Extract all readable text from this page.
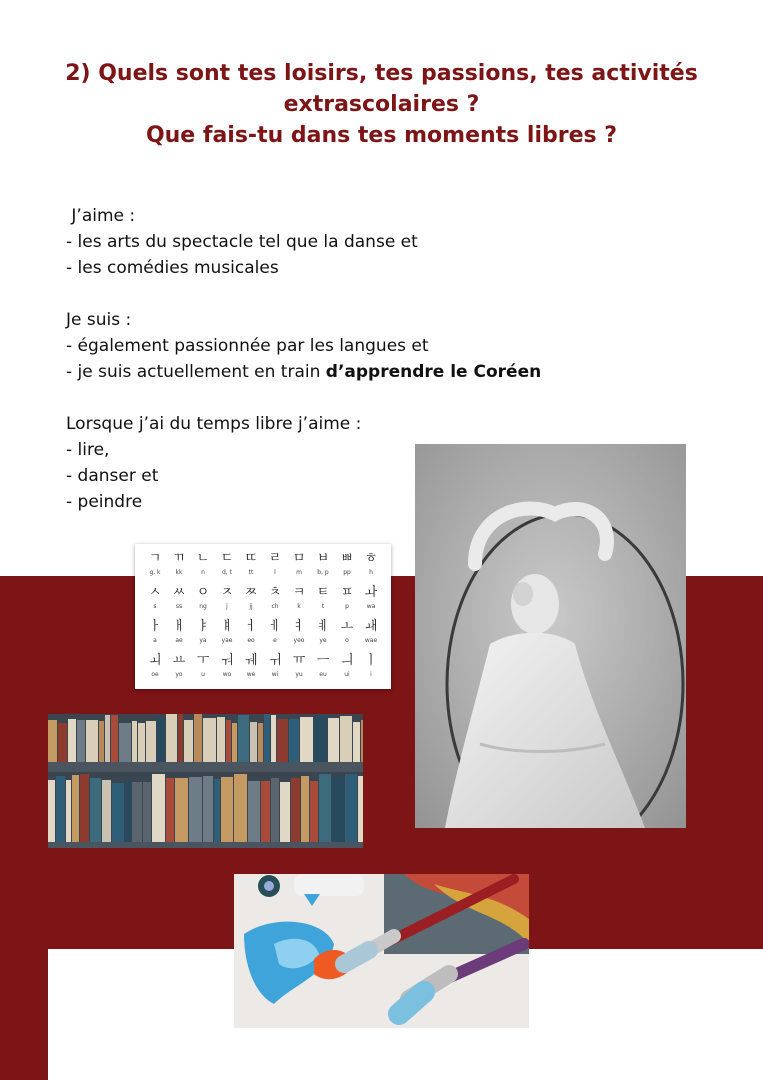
2) Quels sont tes loisirs, tes passions, tes activités
extrascolaires ?
Que fais-tu dans tes moments libres ?
J’aime :
- les arts du spectacle tel que la danse et
- les comédies musicales
Je suis :
- également passionnée par les langues et
- je suis actuellement en train d’apprendre le Coréen
Lorsque j’ai du temps libre j’aime :
- lire,
- danser et
- peindre
ㄱ
g, k
ㄲ
kk
ㄴ
n
ㄷ
d, t
ㄸ
tt
ㄹ
l
ㅁ
m
ㅂ
b, p
ㅃ
pp
ㅎ
h
ㅅ
s
ㅆ
ss
ㅇ
ng
ㅈ
j
ㅉ
jj
ㅊ
ch
ㅋ
k
ㅌ
t
ㅍ
p
ㅘ
wa
ㅏ
a
ㅐ
ae
ㅑ
ya
ㅒ
yae
ㅓ
eo
ㅔ
e
ㅕ
yeo
ㅖ
ye
ㅗ
o
ㅙ
wae
ㅚ
oe
ㅛ
yo
ㅜ
u
ㅝ
wo
ㅞ
we
ㅟ
wi
ㅠ
yu
ㅡ
eu
ㅢ
ui
ㅣ
i
